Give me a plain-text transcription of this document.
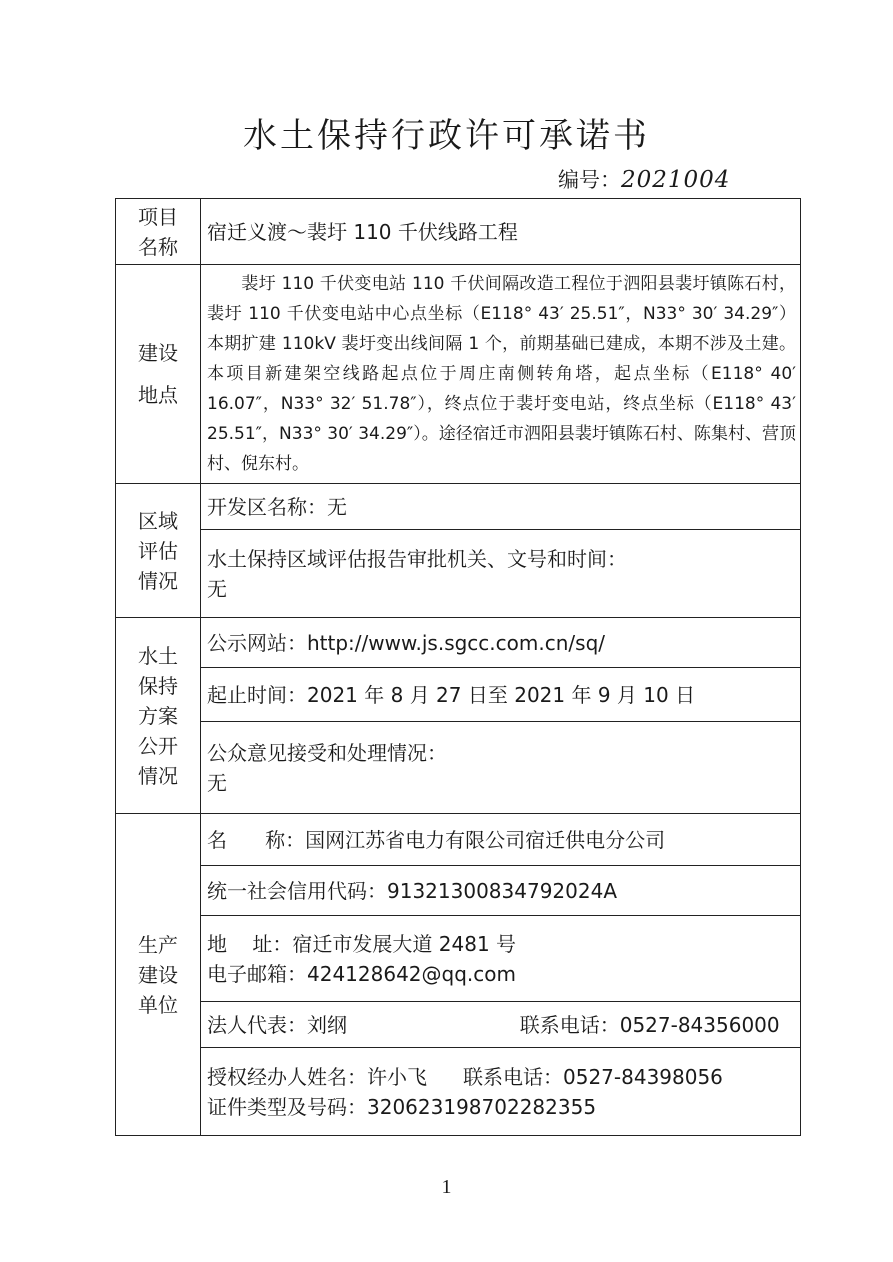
水土保持行政许可承诺书
编号：2021004
项目
名称	宿迁义渡～裴圩 110 千伏线路工程

建设
地点	裴圩 110 千伏变电站 110 千伏间隔改造工程位于泗阳县裴圩镇陈石村，裴圩 110 千伏变电站中心点坐标（E118° 43′ 25.51″，N33° 30′ 34.29″）本期扩建 110kV 裴圩变出线间隔 1 个，前期基础已建成，本期不涉及土建。本项目新建架空线路起点位于周庄南侧转角塔，起点坐标（E118° 40′ 16.07″，N33° 32′ 51.78″），终点位于裴圩变电站，终点坐标（E118° 43′ 25.51″，N33° 30′ 34.29″）。途径宿迁市泗阳县裴圩镇陈石村、陈集村、营顶村、倪东村。

区域
评估
情况	开发区名称：无

	水土保持区域评估报告审批机关、文号和时间：
无

水土
保持
方案
公开
情况	公示网站：http://www.js.sgcc.com.cn/sq/
	起止时间：2021 年 8 月 27 日至 2021 年 9 月 10 日

	公众意见接受和处理情况：
无

生产
建设
单位	名      称：国网江苏省电力有限公司宿迁供电分公司
	统一社会信用代码：91321300834792024A

	地    址：宿迁市发展大道 2481 号
电子邮箱：424128642@qq.com

	法人代表：刘纲 联系电话：0527-84356000

	授权经办人姓名：许小飞 联系电话：0527-84398056
证件类型及号码：320623198702282355
1
